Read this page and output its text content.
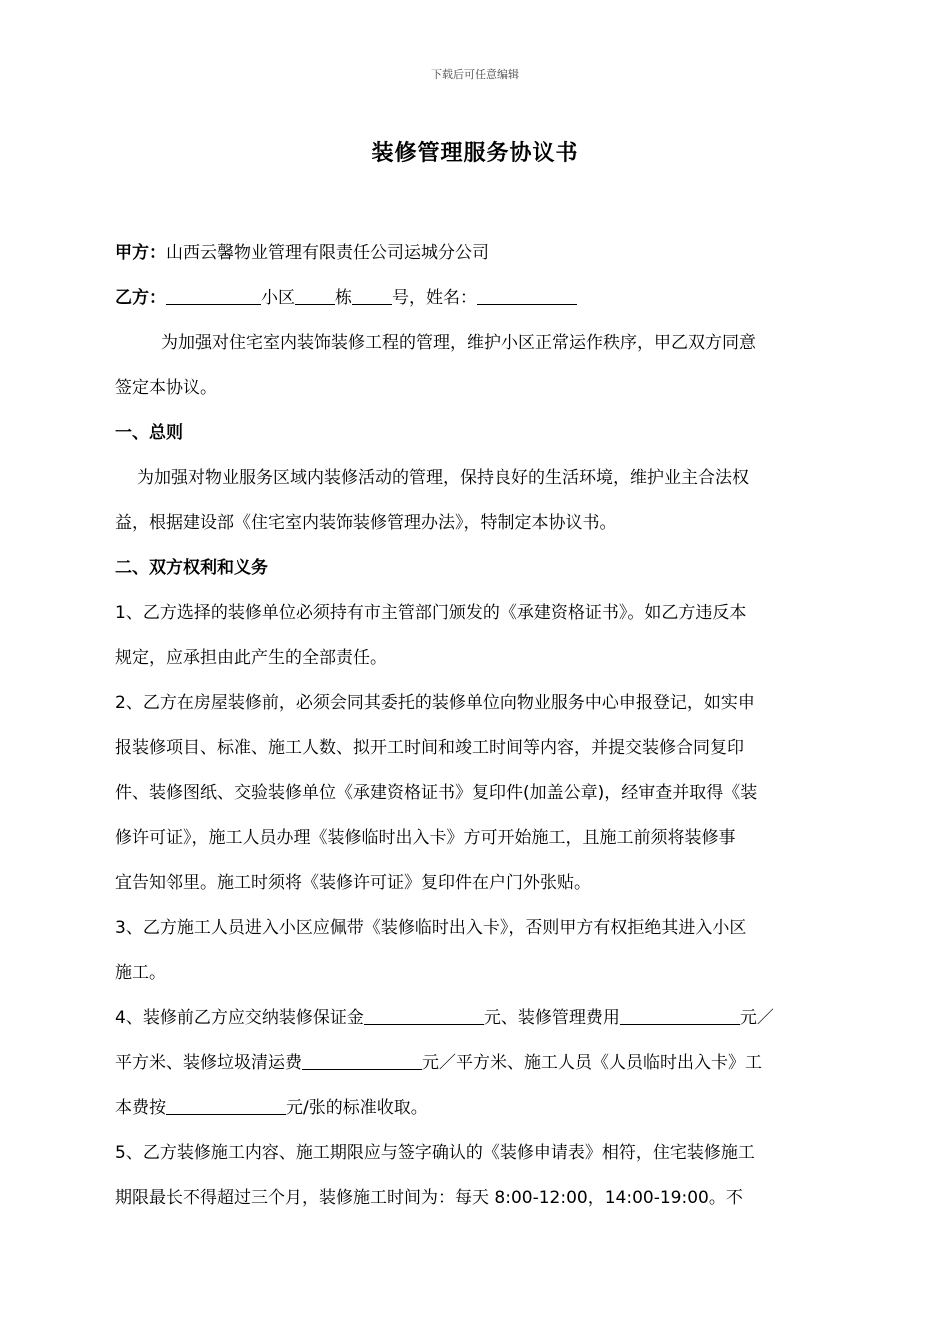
下载后可任意编辑
装修管理服务协议书
甲方：山西云馨物业管理有限责任公司运城分公司
乙方：	小区 栋 号，姓名：
为加强对住宅室内装饰装修工程的管理，维护小区正常运作秩序，甲乙双方同意
签定本协议。
一、总则
为加强对物业服务区域内装修活动的管理，保持良好的生活环境，维护业主合法权
益，根据建设部《住宅室内装饰装修管理办法》，特制定本协议书。
二、双方权利和义务
1、乙方选择的装修单位必须持有市主管部门颁发的《承建资格证书》。如乙方违反本
规定，应承担由此产生的全部责任。
2、乙方在房屋装修前，必须会同其委托的装修单位向物业服务中心申报登记，如实申
报装修项目、标准、施工人数、拟开工时间和竣工时间等内容，并提交装修合同复印
件、装修图纸、交验装修单位《承建资格证书》复印件(加盖公章)，经审查并取得《装
修许可证》，施工人员办理《装修临时出入卡》方可开始施工，且施工前须将装修事
宜告知邻里。施工时须将《装修许可证》复印件在户门外张贴。
3、乙方施工人员进入小区应佩带《装修临时出入卡》，否则甲方有权拒绝其进入小区
施工。
4、装修前乙方应交纳装修保证金	元、装修管理费用	元／
平方米、装修垃圾清运费	元／平方米、施工人员《人员临时出入卡》工
本费按	元/张的标准收取。
5、乙方装修施工内容、施工期限应与签字确认的《装修申请表》相符，住宅装修施工
期限最长不得超过三个月，装修施工时间为：每天 8:00-12:00，14:00-19:00。不
